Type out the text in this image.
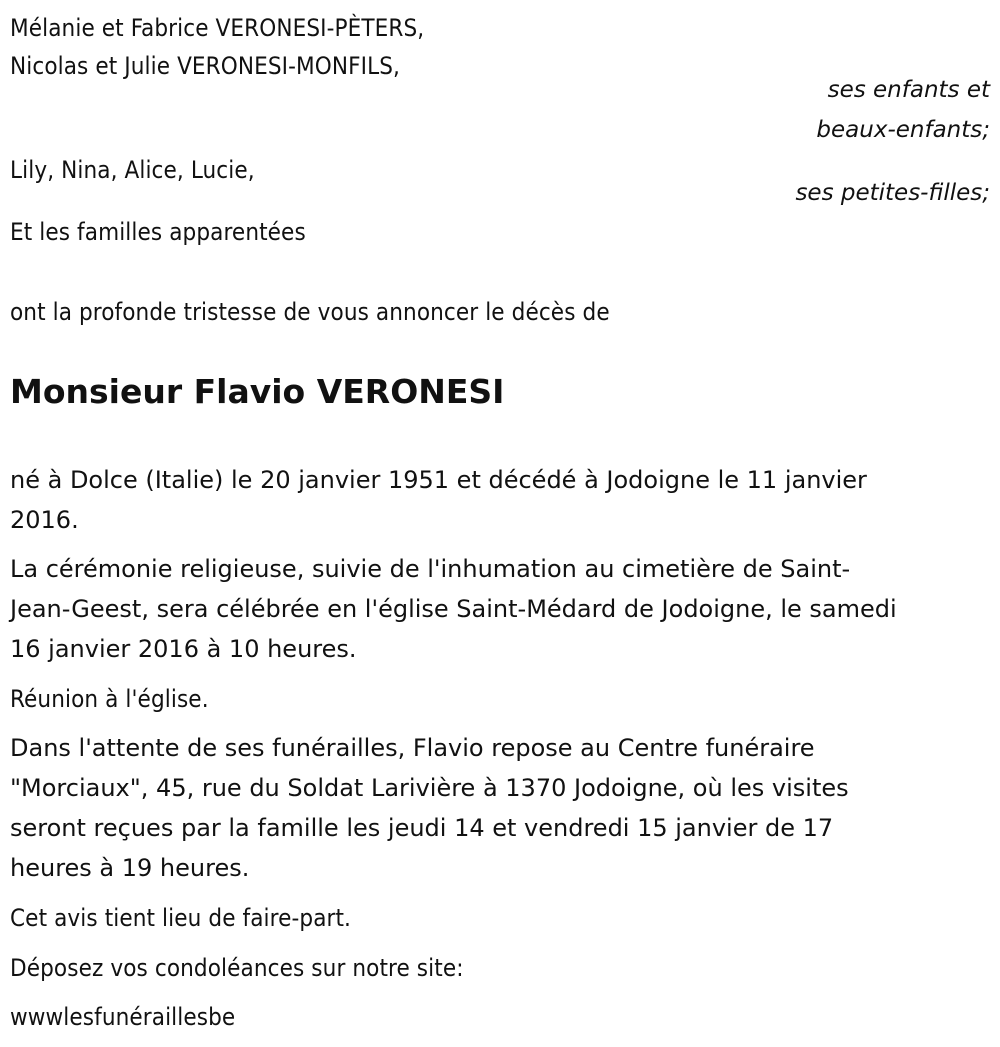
Mélanie et Fabrice VERONESI-PÈTERS,
Nicolas et Julie VERONESI-MONFILS,
ses enfants et
beaux-enfants;
Lily, Nina, Alice, Lucie,
ses petites-filles;
Et les familles apparentées
ont la profonde tristesse de vous annoncer le décès de
Monsieur Flavio VERONESI
né à Dolce (Italie) le 20 janvier 1951 et décédé à Jodoigne le 11 janvier
2016.
La cérémonie religieuse, suivie de l'inhumation au cimetière de Saint-
Jean-Geest, sera célébrée en l'église Saint-Médard de Jodoigne, le samedi
16 janvier 2016 à 10 heures.
Réunion à l'église.
Dans l'attente de ses funérailles, Flavio repose au Centre funéraire
"Morciaux", 45, rue du Soldat Larivière à 1370 Jodoigne, où les visites
seront reçues par la famille les jeudi 14 et vendredi 15 janvier de 17
heures à 19 heures.
Cet avis tient lieu de faire-part.
Déposez vos condoléances sur notre site:
wwwlesfunéraillesbe
